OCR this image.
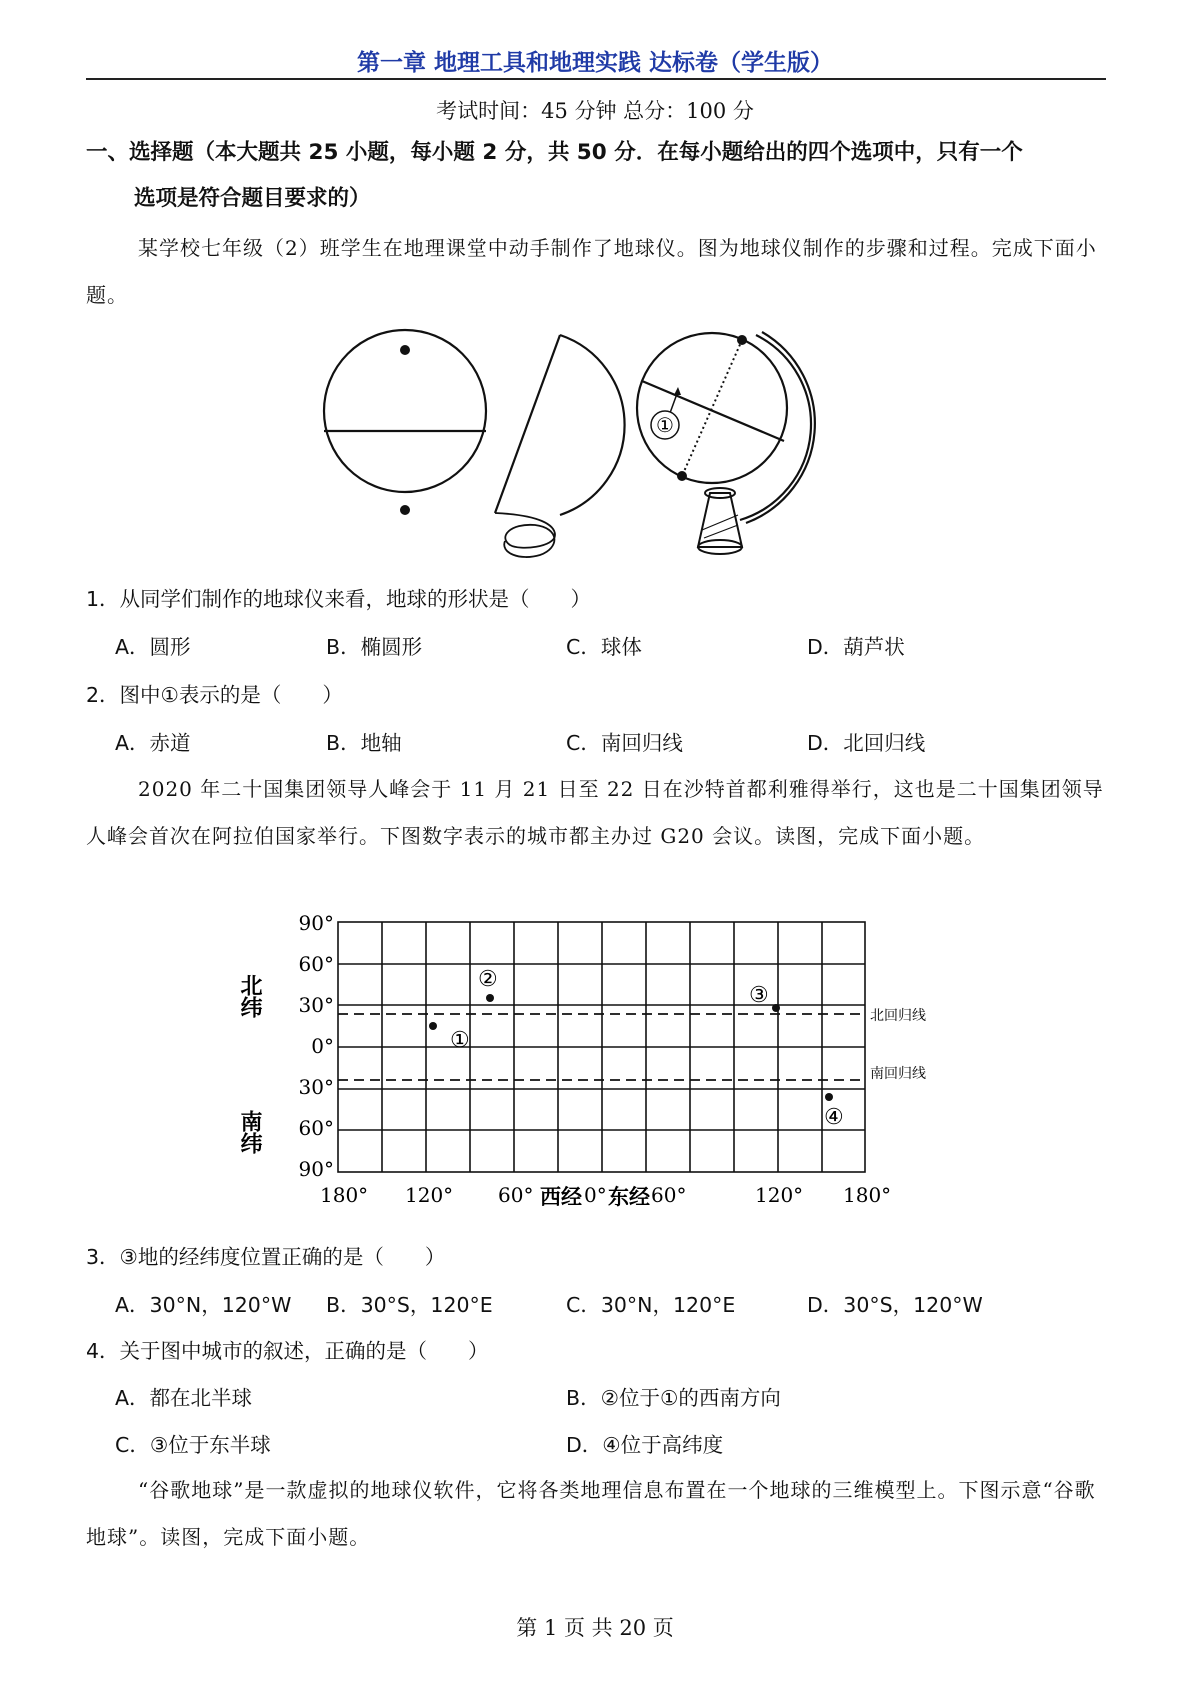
第一章 地理工具和地理实践 达标卷（学生版）
考试时间：45 分钟 总分：100 分
一、选择题（本大题共 25 小题，每小题 2 分，共 50 分．在每小题给出的四个选项中，只有一个
选项是符合题目要求的）
某学校七年级（2）班学生在地理课堂中动手制作了地球仪。图为地球仪制作的步骤和过程。完成下面小题。
①
1．从同学们制作的地球仪来看，地球的形状是（　　）
A．圆形	B．椭圆形	C．球体	D．葫芦状
2．图中①表示的是（　　）
A．赤道	B．地轴	C．南回归线	D．北回归线
2020 年二十国集团领导人峰会于 11 月 21 日至 22 日在沙特首都利雅得举行，这也是二十国集团领导人峰会首次在阿拉伯国家举行。下图数字表示的城市都主办过 G20 会议。读图，完成下面小题。
北回归线
南回归线
90°
60°
30°
0°
30°
60°
90°
北纬
南纬
180° 120° 60° 西经 0° 东经 60°	120° 180°
①
②
③
④
3．③地的经纬度位置正确的是（　　）
A．30°N，120°W B．30°S，120°E	C．30°N，120°E	D．30°S，120°W
4．关于图中城市的叙述，正确的是（　　）
A．都在北半球	B．②位于①的西南方向
C．③位于东半球	D．④位于高纬度
“谷歌地球”是一款虚拟的地球仪软件，它将各类地理信息布置在一个地球的三维模型上。下图示意“谷歌地球”。读图，完成下面小题。
第 1 页 共 20 页
